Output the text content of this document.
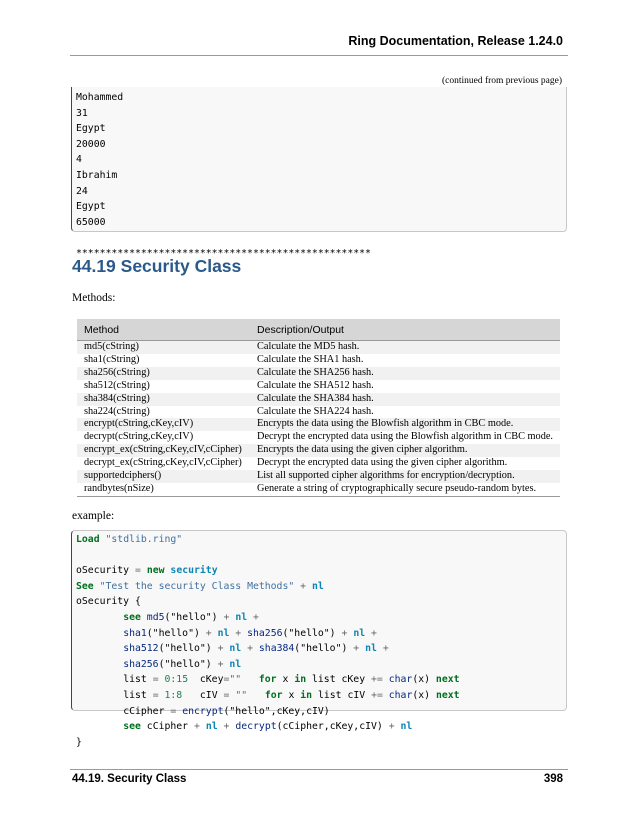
Ring Documentation, Release 1.24.0
(continued from previous page)
Mohammed
31
Egypt
20000
4
Ibrahim
24
Egypt
65000

**************************************************
44.19 Security Class
Methods:
Method	Description/Output
md5(cString)	Calculate the MD5 hash.
sha1(cString)	Calculate the SHA1 hash.
sha256(cString)	Calculate the SHA256 hash.
sha512(cString)	Calculate the SHA512 hash.
sha384(cString)	Calculate the SHA384 hash.
sha224(cString)	Calculate the SHA224 hash.
encrypt(cString,cKey,cIV)	Encrypts the data using the Blowfish algorithm in CBC mode.
decrypt(cString,cKey,cIV)	Decrypt the encrypted data using the Blowfish algorithm in CBC mode.
encrypt_ex(cString,cKey,cIV,cCipher)	Encrypts the data using the given cipher algorithm.
decrypt_ex(cString,cKey,cIV,cCipher)	Decrypt the encrypted data using the given cipher algorithm.
supportedciphers()	List all supported cipher algorithms for encryption/decryption.
randbytes(nSize)	Generate a string of cryptographically secure pseudo-random bytes.
example:
Load "stdlib.ring"

oSecurity = new security
See "Test the security Class Methods" + nl
oSecurity {
see md5("hello") + nl +
sha1("hello") + nl + sha256("hello") + nl +
sha512("hello") + nl + sha384("hello") + nl +
sha256("hello") + nl
list = 0:15 cKey="" for x in list cKey += char(x) next
list = 1:8 cIV = "" for x in list cIV += char(x) next
cCipher = encrypt("hello",cKey,cIV)
see cCipher + nl + decrypt(cCipher,cKey,cIV) + nl
}
44.19. Security Class	398
